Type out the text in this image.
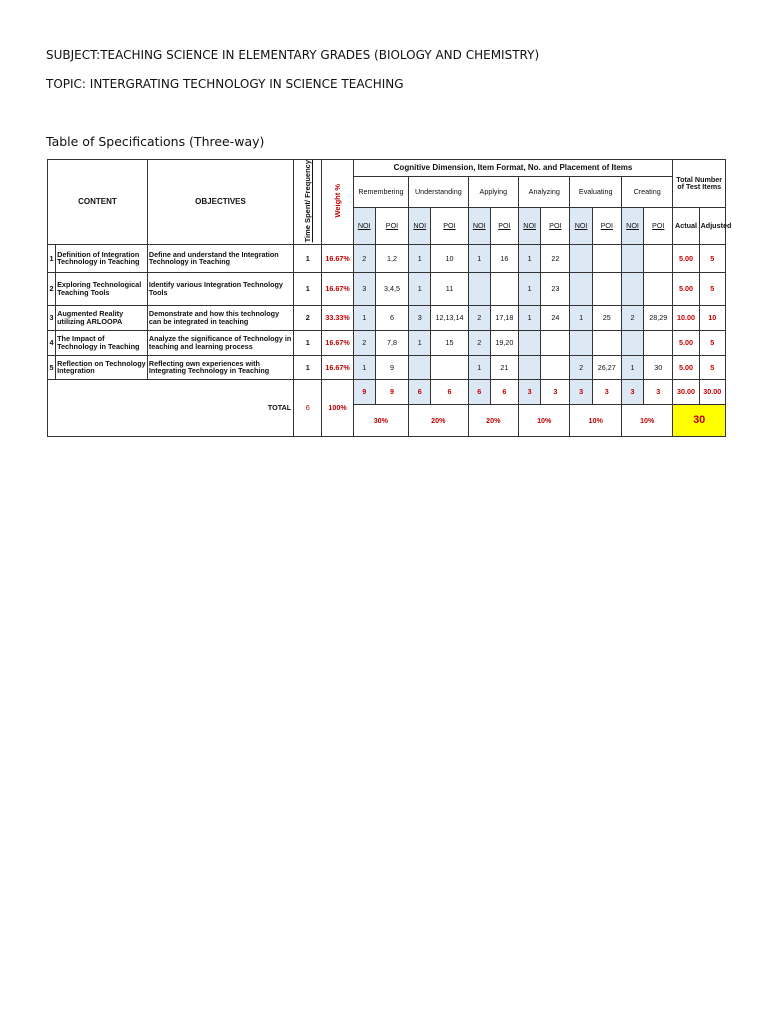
SUBJECT:TEACHING SCIENCE IN ELEMENTARY GRADES (BIOLOGY AND CHEMISTRY)
TOPIC: INTERGRATING TECHNOLOGY IN SCIENCE TEACHING
Table of Specifications (Three-way)
CONTENT		OBJECTIVES	Time Spent/ Frequency	Weight %	Cognitive Dimension, Item Format, No. and Placement of Items												Total Number of Test Items	
					Remembering		Understanding		Applying		Analyzing		Evaluating		Creating			
					NOI	POI	NOI	POI	NOI	POI	NOI	POI	NOI	POI	NOI	POI	Actual	Adjusted
1	Definition of Integration Technology in Teaching	Define and understand the Integration Technology in Teaching	1	16.67%	2	1,2	1	10	1	16	1	22					5.00	5
2	Exploring Technological Teaching Tools	Identify various Integration Technology Tools	1	16.67%	3	3,4,5	1	11			1	23					5.00	5
3	Augmented Reality utilizing ARLOOPA	Demonstrate and how this technology can be integrated in teaching	2	33.33%	1	6	3	12,13,14	2	17,18	1	24	1	25	2	28,29	10.00	10
4	The Impact of Technology in Teaching	Analyze the significance of Technology in teaching and learning process	1	16.67%	2	7,8	1	15	2	19,20							5.00	5
5	Reflection on Technology Integration	Reflecting own experiences with Integrating Technology in Teaching	1	16.67%	1	9			1	21			2	26,27	1	30	5.00	5
TOTAL			6	100%	9	9	6	6	6	6	3	3	3	3	3	3	30.00	30.00
					30%		20%		20%		10%		10%		10%		30	
